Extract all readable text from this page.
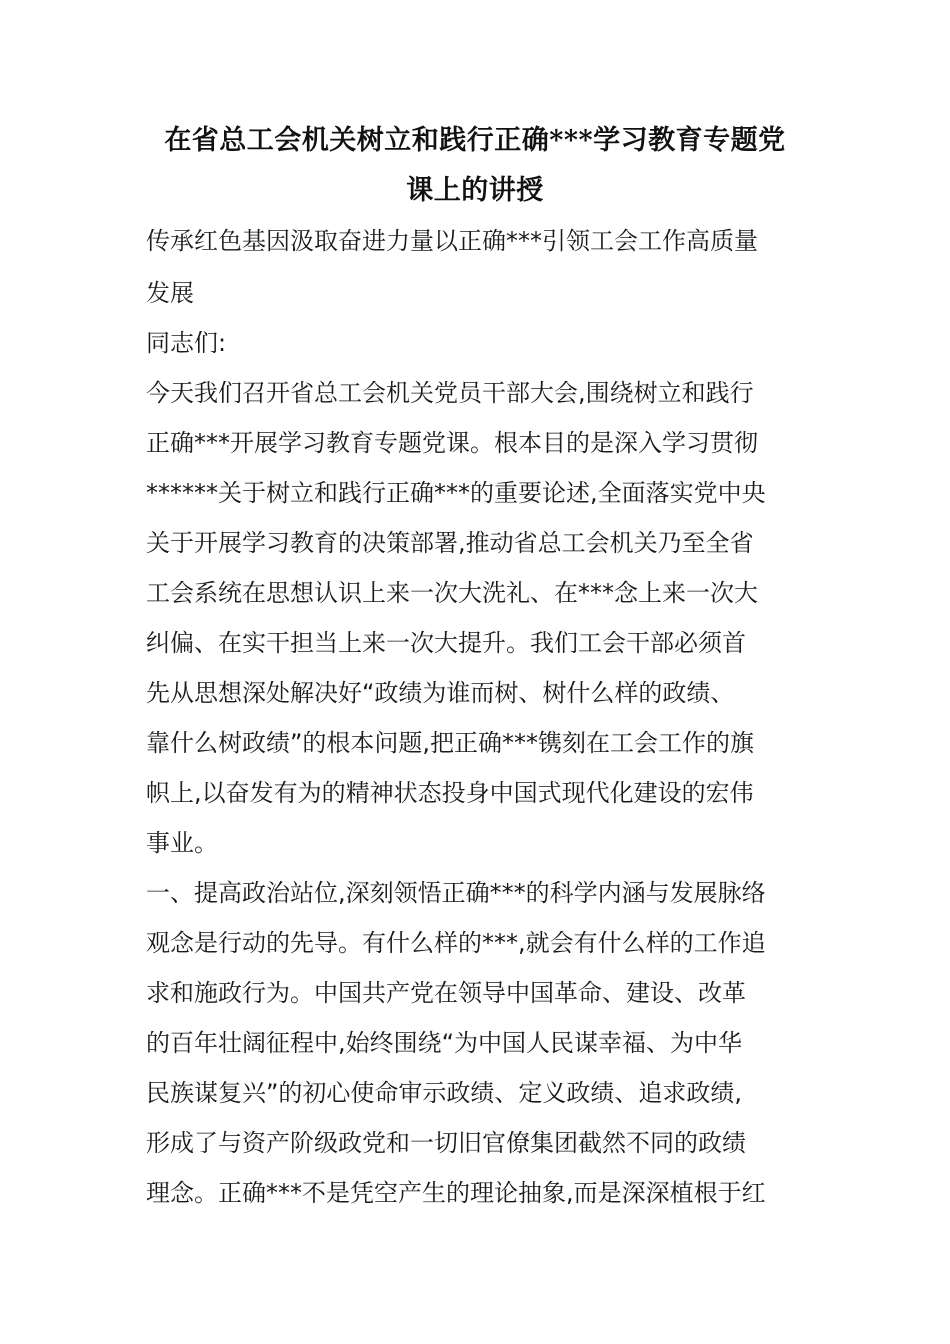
在省总工会机关树立和践行正确***学习教育专题党
课上的讲授
传承红色基因汲取奋进力量以正确***引领工会工作高质量
发展
同志们:
今天我们召开省总工会机关党员干部大会,围绕树立和践行
正确***开展学习教育专题党课。根本目的是深入学习贯彻
******关于树立和践行正确***的重要论述,全面落实党中央
关于开展学习教育的决策部署,推动省总工会机关乃至全省
工会系统在思想认识上来一次大洗礼、在***念上来一次大
纠偏、在实干担当上来一次大提升。我们工会干部必须首
先从思想深处解决好“政绩为谁而树、树什么样的政绩、
靠什么树政绩”的根本问题,把正确***镌刻在工会工作的旗
帜上,以奋发有为的精神状态投身中国式现代化建设的宏伟
事业。
一、提高政治站位,深刻领悟正确***的科学内涵与发展脉络
观念是行动的先导。有什么样的***,就会有什么样的工作追
求和施政行为。中国共产党在领导中国革命、建设、改革
的百年壮阔征程中,始终围绕“为中国人民谋幸福、为中华
民族谋复兴”的初心使命审示政绩、定义政绩、追求政绩,
形成了与资产阶级政党和一切旧官僚集团截然不同的政绩
理念。正确***不是凭空产生的理论抽象,而是深深植根于红
